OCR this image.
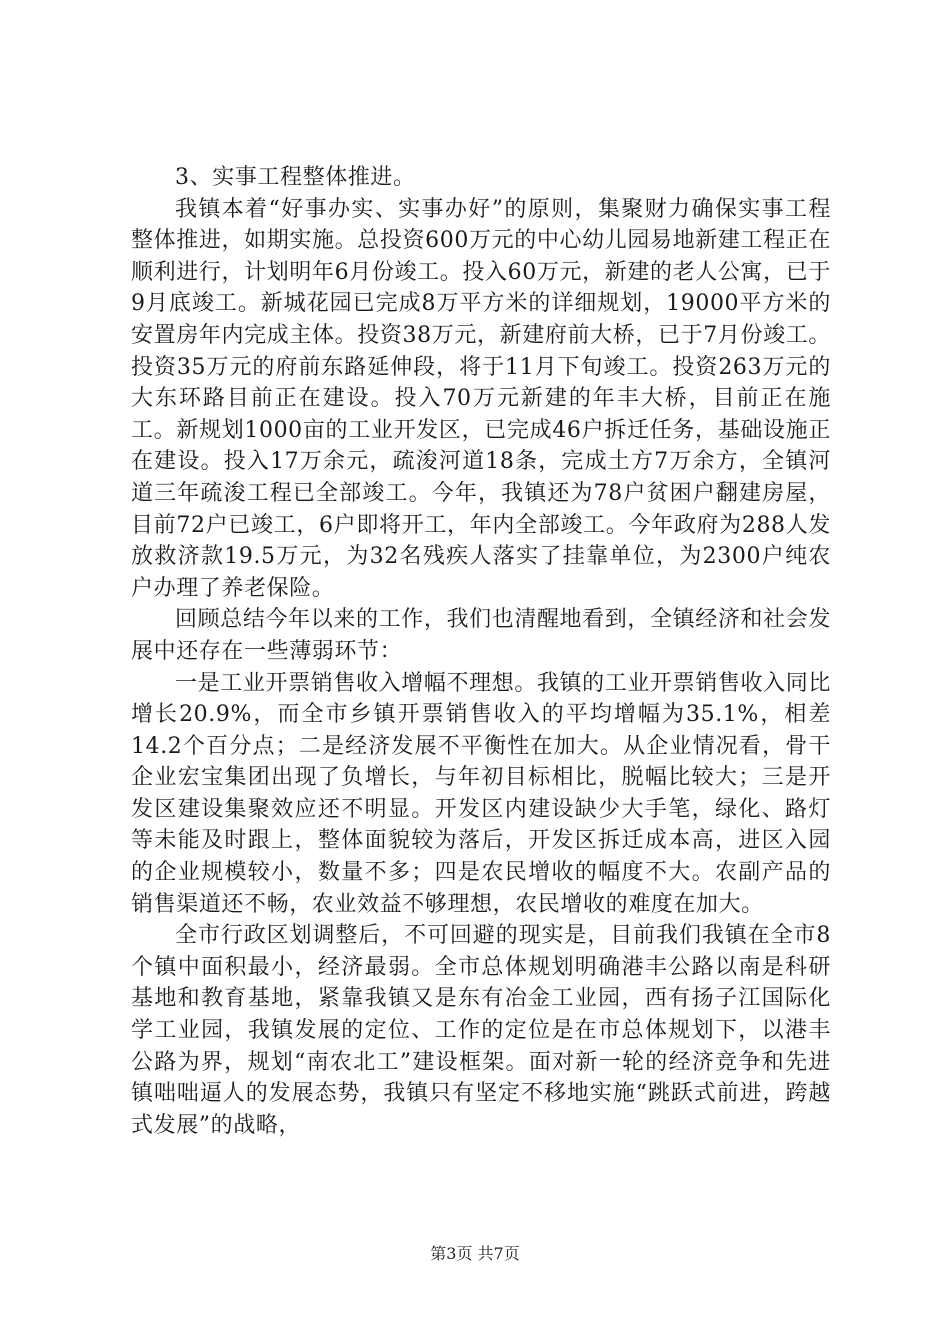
3、实事工程整体推进。

我镇本着“好事办实、实事办好”的原则，集聚财力确保实事工程整体推进，如期实施。总投资600万元的中心幼儿园易地新建工程正在顺利进行，计划明年6月份竣工。投入60万元，新建的老人公寓，已于9月底竣工。新城花园已完成8万平方米的详细规划，19000平方米的安置房年内完成主体。投资38万元，新建府前大桥，已于7月份竣工。投资35万元的府前东路延伸段，将于11月下旬竣工。投资263万元的大东环路目前正在建设。投入70万元新建的年丰大桥，目前正在施工。新规划1000亩的工业开发区，已完成46户拆迁任务，基础设施正在建设。投入17万余元，疏浚河道18条，完成土方7万余方，全镇河道三年疏浚工程已全部竣工。今年，我镇还为78户贫困户翻建房屋，目前72户已竣工，6户即将开工，年内全部竣工。今年政府为288人发放救济款19.5万元，为32名残疾人落实了挂靠单位，为2300户纯农户办理了养老保险。

回顾总结今年以来的工作，我们也清醒地看到，全镇经济和社会发展中还存在一些薄弱环节：

一是工业开票销售收入增幅不理想。我镇的工业开票销售收入同比增长20.9%，而全市乡镇开票销售收入的平均增幅为35.1%，相差14.2个百分点；二是经济发展不平衡性在加大。从企业情况看，骨干企业宏宝集团出现了负增长，与年初目标相比，脱幅比较大；三是开发区建设集聚效应还不明显。开发区内建设缺少大手笔，绿化、路灯等未能及时跟上，整体面貌较为落后，开发区拆迁成本高，进区入园的企业规模较小，数量不多；四是农民增收的幅度不大。农副产品的销售渠道还不畅，农业效益不够理想，农民增收的难度在加大。

全市行政区划调整后，不可回避的现实是，目前我们我镇在全市8个镇中面积最小，经济最弱。全市总体规划明确港丰公路以南是科研基地和教育基地，紧靠我镇又是东有冶金工业园，西有扬子江国际化学工业园，我镇发展的定位、工作的定位是在市总体规划下，以港丰公路为界，规划“南农北工”建设框架。面对新一轮的经济竞争和先进镇咄咄逼人的发展态势，我镇只有坚定不移地实施“跳跃式前进，跨越式发展”的战略，

第3页 共7页
